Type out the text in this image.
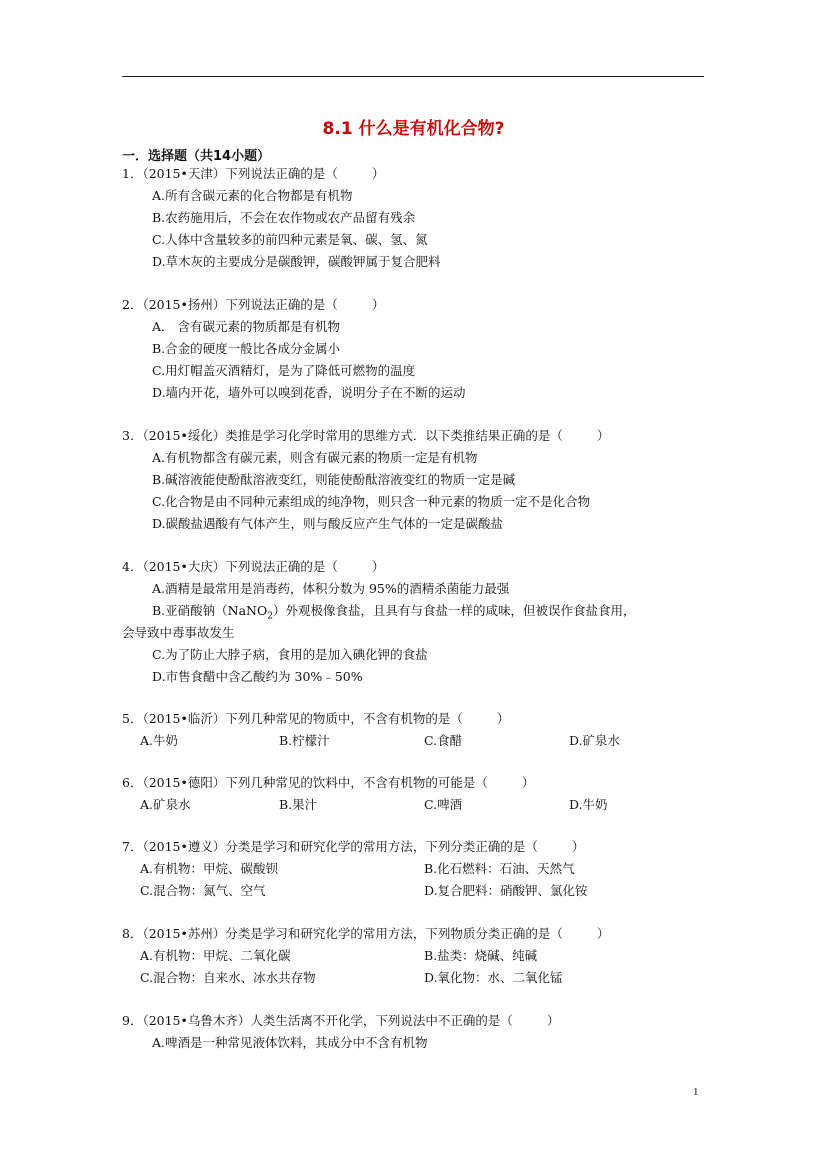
8.1 什么是有机化合物?
一．选择题（共14小题）
1．（2015•天津）下列说法正确的是（	）
A.所有含碳元素的化合物都是有机物
B.农药施用后，不会在农作物或农产品留有残余
C.人体中含量较多的前四种元素是氧、碳、氢、氮
D.草木灰的主要成分是碳酸钾，碳酸钾属于复合肥料
2．（2015•扬州）下列说法正确的是（	）
A． 含有碳元素的物质都是有机物
B.合金的硬度一般比各成分金属小
C.用灯帽盖灭酒精灯，是为了降低可燃物的温度
D.墙内开花，墙外可以嗅到花香，说明分子在不断的运动
3．（2015•绥化）类推是学习化学时常用的思维方式．以下类推结果正确的是（	）
A.有机物都含有碳元素，则含有碳元素的物质一定是有机物
B.碱溶液能使酚酞溶液变红，则能使酚酞溶液变红的物质一定是碱
C.化合物是由不同种元素组成的纯净物，则只含一种元素的物质一定不是化合物
D.碳酸盐遇酸有气体产生，则与酸反应产生气体的一定是碳酸盐
4．（2015•大庆）下列说法正确的是（	）
A.酒精是最常用是消毒药，体积分数为 95%的酒精杀菌能力最强
B.亚硝酸钠（NaNO$_2$）外观极像食盐，且具有与食盐一样的咸味，但被误作食盐食用，
会导致中毒事故发生
C.为了防止大脖子病，食用的是加入碘化钾的食盐
D.市售食醋中含乙酸约为 30%﹣50%
5．（2015•临沂）下列几种常见的物质中，不含有机物的是（	）
A.牛奶	B.柠檬汁	C.食醋	D.矿泉水
6．（2015•德阳）下列几种常见的饮料中，不含有机物的可能是（	）
A.矿泉水	B.果汁	C.啤酒	D.牛奶
7．（2015•遵义）分类是学习和研究化学的常用方法，下列分类正确的是（	）
A.有机物：甲烷、碳酸钡	B.化石燃料：石油、天然气
C.混合物：氮气、空气	D.复合肥料：硝酸钾、氯化铵
8．（2015•苏州）分类是学习和研究化学的常用方法，下列物质分类正确的是（	）
A.有机物：甲烷、二氧化碳	B.盐类：烧碱、纯碱
C.混合物：自来水、冰水共存物	D.氧化物：水、二氧化锰
9．（2015•乌鲁木齐）人类生活离不开化学，下列说法中不正确的是（	）
A.啤酒是一种常见液体饮料，其成分中不含有机物
1
